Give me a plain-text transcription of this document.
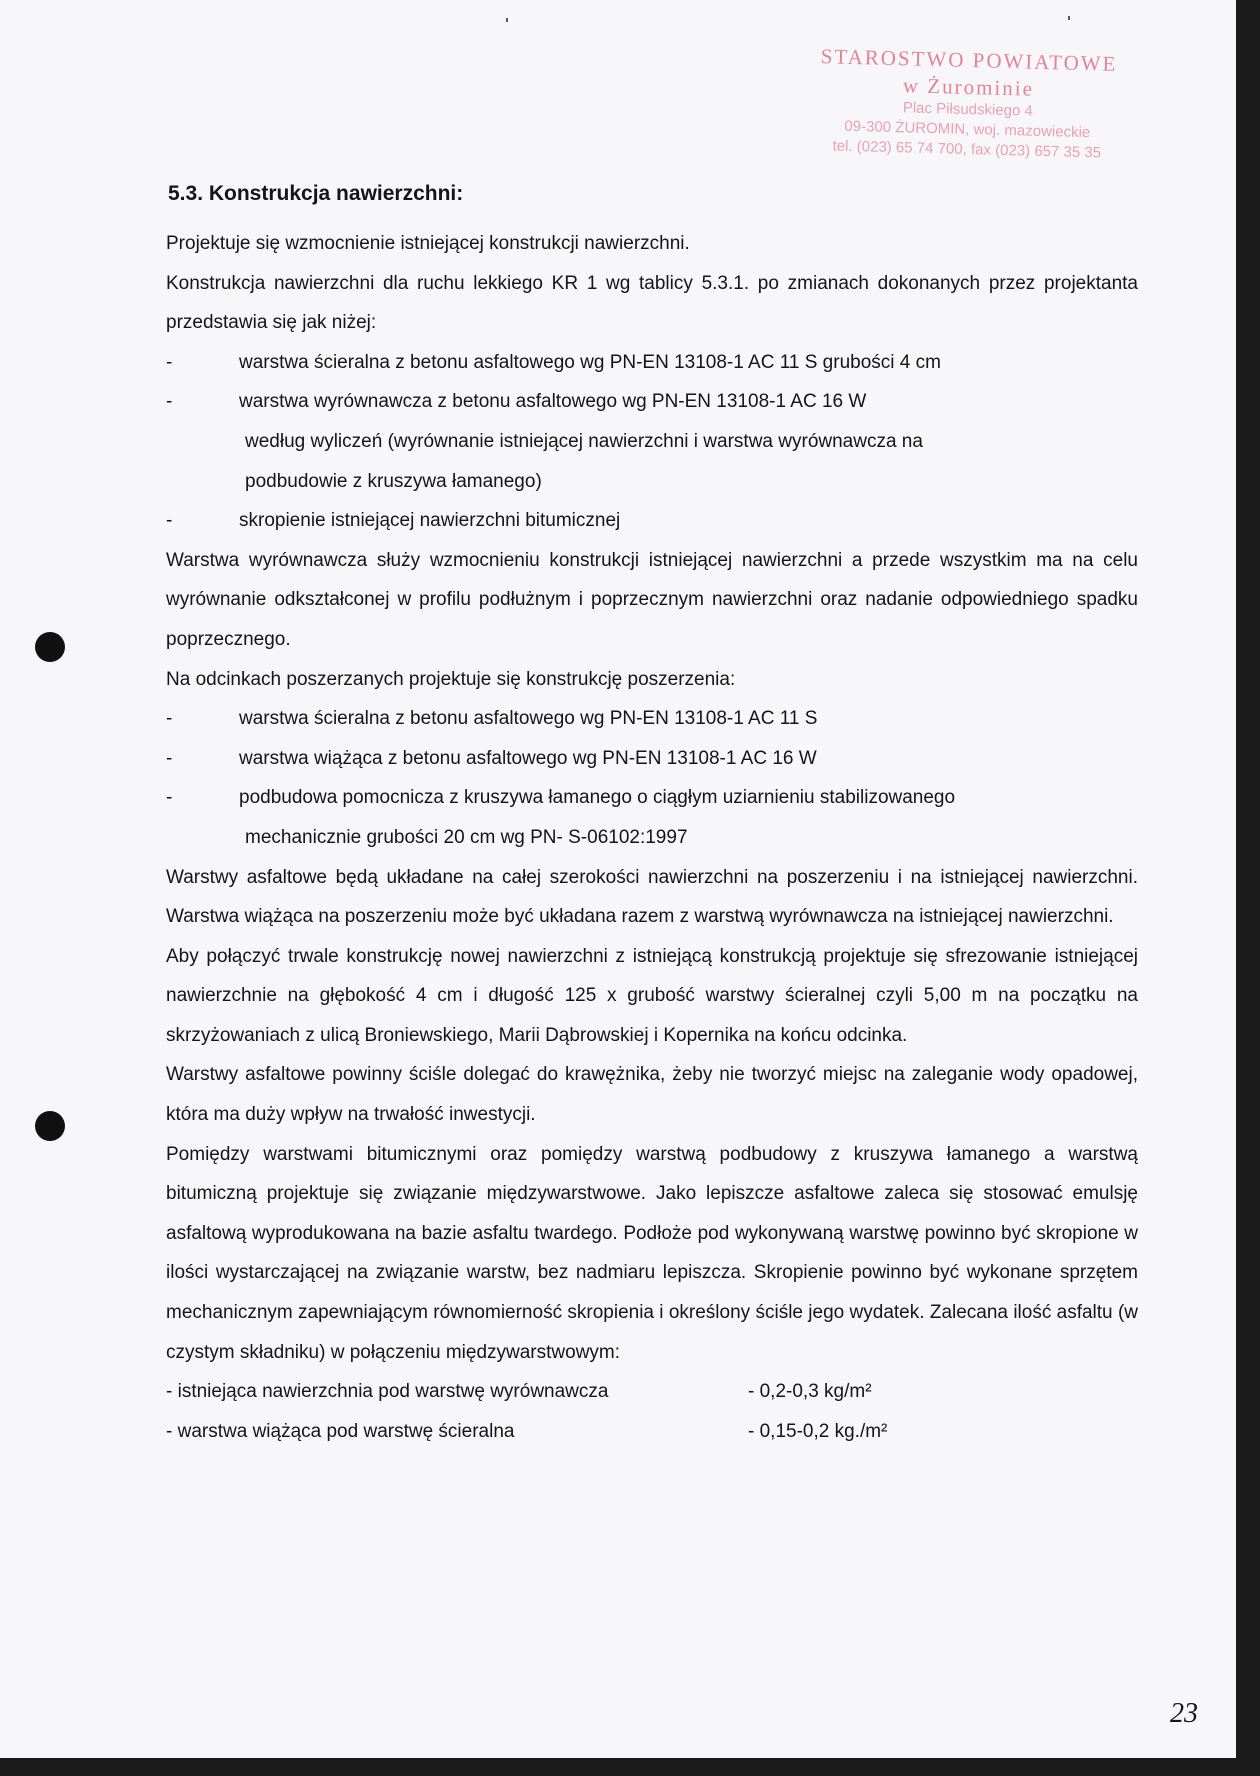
STAROSTWO POWIATOWE
w Żurominie
Plac Piłsudskiego 4
09-300 ŻUROMIN, woj. mazowieckie
tel. (023) 65 74 700, fax (023) 657 35 35
5.3. Konstrukcja nawierzchni:

Projektuje się wzmocnienie istniejącej konstrukcji nawierzchni.

Konstrukcja nawierzchni dla ruchu lekkiego KR 1 wg tablicy 5.3.1. po zmianach dokonanych przez projektanta przedstawia się jak niżej:

-	warstwa ścieralna z betonu asfaltowego wg PN-EN 13108-1 AC 11 S grubości 4 cm
-	warstwa wyrównawcza z betonu asfaltowego wg PN-EN 13108-1 AC 16 W

według wyliczeń (wyrównanie istniejącej nawierzchni i warstwa wyrównawcza na podbudowie z kruszywa łamanego)

-	skropienie istniejącej nawierzchni bitumicznej

Warstwa wyrównawcza służy wzmocnieniu konstrukcji istniejącej nawierzchni a przede wszystkim ma na celu wyrównanie odkształconej w profilu podłużnym i poprzecznym nawierzchni oraz nadanie odpowiedniego spadku poprzecznego.

Na odcinkach poszerzanych projektuje się konstrukcję poszerzenia:

-	warstwa ścieralna z betonu asfaltowego wg PN-EN 13108-1 AC 11 S
-	warstwa wiążąca z betonu asfaltowego wg PN-EN 13108-1 AC 16 W
-	podbudowa pomocnicza z kruszywa łamanego o ciągłym uziarnieniu stabilizowanego

mechanicznie grubości 20 cm wg PN- S-06102:1997

Warstwy asfaltowe będą układane na całej szerokości nawierzchni na poszerzeniu i na istniejącej nawierzchni. Warstwa wiążąca na poszerzeniu może być układana razem z warstwą wyrównawcza na istniejącej nawierzchni.

Aby połączyć trwale konstrukcję nowej nawierzchni z istniejącą konstrukcją projektuje się sfrezowanie istniejącej nawierzchnie na głębokość 4 cm i długość 125 x grubość warstwy ścieralnej czyli 5,00 m na początku na skrzyżowaniach z ulicą Broniewskiego, Marii Dąbrowskiej i Kopernika na końcu odcinka.

Warstwy asfaltowe powinny ściśle dolegać do krawężnika, żeby nie tworzyć miejsc na zaleganie wody opadowej, która ma duży wpływ na trwałość inwestycji.

Pomiędzy warstwami bitumicznymi oraz pomiędzy warstwą podbudowy z kruszywa łamanego a warstwą bitumiczną projektuje się związanie międzywarstwowe. Jako lepiszcze asfaltowe zaleca się stosować emulsję asfaltową wyprodukowana na bazie asfaltu twardego. Podłoże pod wykonywaną warstwę powinno być skropione w ilości wystarczającej na związanie warstw, bez nadmiaru lepiszcza. Skropienie powinno być wykonane sprzętem mechanicznym zapewniającym równomierność skropienia i określony ściśle jego wydatek. Zalecana ilość asfaltu (w czystym składniku) w połączeniu międzywarstwowym:

- istniejąca nawierzchnia pod warstwę wyrównawcza	- 0,2-0,3 kg/m²
- warstwa wiążąca pod warstwę ścieralna	- 0,15-0,2 kg./m²
23
